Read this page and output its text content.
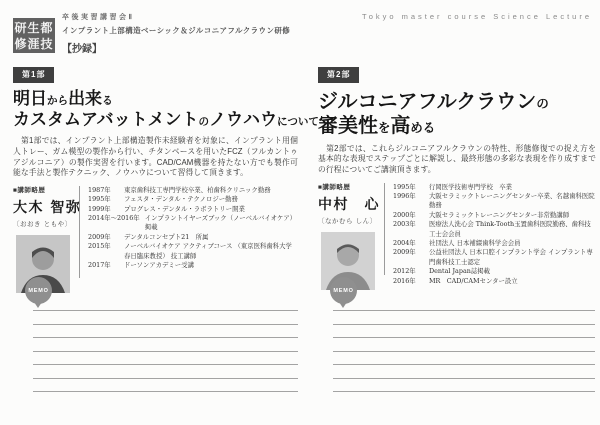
研生都
修涯技
卒後実習講習会Ⅱ
インプラント上部構造ベーシック＆ジルコニアフルクラウン研修
【抄録】
Tokyo master course Science Lecture
第1部
明日から出来る
カスタムアバットメントのノウハウについて
　第1部では、インプラント上部構造製作未経験者を対象に、インプラント用個人トレー、ガム模型の製作から行い、チタンベースを用いたFCZ（フルカントゥアジルコニア）の製作実習を行います。CAD/CAM機器を持たない方でも製作可能な手法と製作テクニック、ノウハウについて習得して頂きます。
■講師略歴
大木 智弥
〔おおき ともや〕
1987年	東京歯科技工専門学校卒業、柏歯科クリニック勤務
1995年	フェスタ・デンタル・テクノロジー勤務
1999年	プログレス・デンタル・ラボラトリー開業
2014年〜2016年 インプラントイヤーズブック（ノーベルバイオケア）掲載
2009年	デンタルコンセプト21　所属
2015年	ノーベルバイオケア アクティブコース （東京医科歯科大学　春日臨床教授） 技工講師
2017年	ドーソンアカデミー受講
第2部
ジルコニアフルクラウンの
審美性を高める
　第2部では、これらジルコニアフルクラウンの特性、形態修復での捉え方を基本的な表現でステップごとに解説し、最終形態の多彩な表現を作り成すまでの行程についてご講演頂きます。
■講師略歴
中村　心
〔なかむら しん〕
1995年	行岡医学技術専門学校　卒業
1996年	大阪セラミックトレーニングセンター卒業、名越歯科医院勤務
2000年	大阪セラミックトレーニングセンター非常勤講師
2003年	医療法人洗心会 Think-Tooth玉置歯科医院勤務、歯科技工士会会員
2004年	社団法人 日本補綴歯科学会会員
2009年	公益社団法人 日本口腔インプラント学会 インプラント専門歯科技工士認定
2012年	Dental Japan誌掲載
2016年	MR　CAD/CAMセンター設立
MEMO	MEMO
